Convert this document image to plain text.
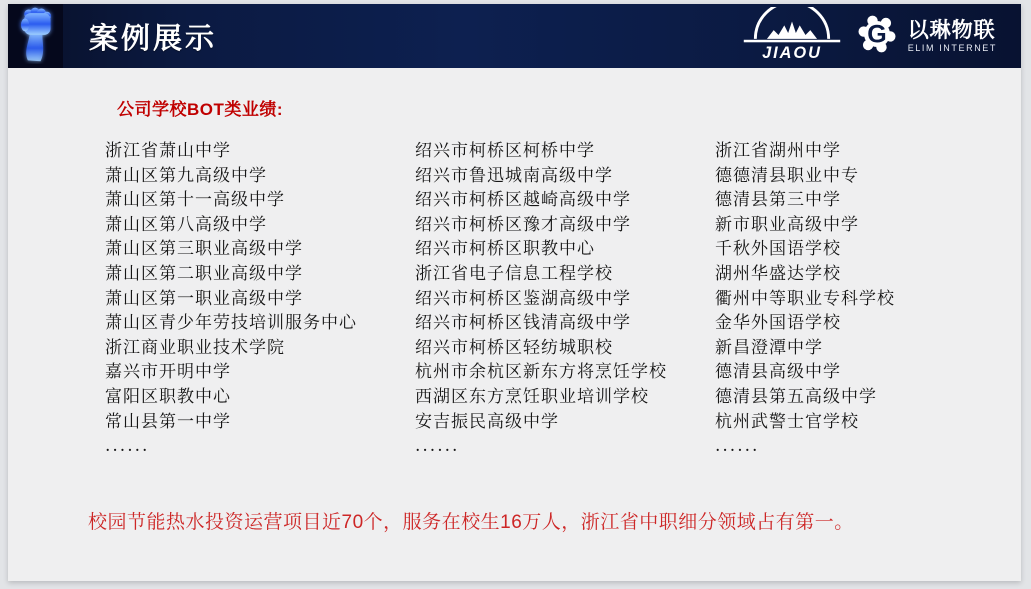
案例展示	JIAOU
G 以琳物联
ELIM INTERNET
公司学校BOT类业绩:
浙江省萧山中学
萧山区第九高级中学
萧山区第十一高级中学
萧山区第八高级中学
萧山区第三职业高级中学
萧山区第二职业高级中学
萧山区第一职业高级中学
萧山区青少年劳技培训服务中心
浙江商业职业技术学院
嘉兴市开明中学
富阳区职教中心
常山县第一中学
......
绍兴市柯桥区柯桥中学
绍兴市鲁迅城南高级中学
绍兴市柯桥区越崎高级中学
绍兴市柯桥区豫才高级中学
绍兴市柯桥区职教中心
浙江省电子信息工程学校
绍兴市柯桥区鉴湖高级中学
绍兴市柯桥区钱清高级中学
绍兴市柯桥区轻纺城职校
杭州市余杭区新东方将烹饪学校
西湖区东方烹饪职业培训学校
安吉振民高级中学
......
浙江省湖州中学
德德清县职业中专
德清县第三中学
新市职业高级中学
千秋外国语学校
湖州华盛达学校
衢州中等职业专科学校
金华外国语学校
新昌澄潭中学
德清县高级中学
德清县第五高级中学
杭州武警士官学校
......
校园节能热水投资运营项目近70个，服务在校生16万人，浙江省中职细分领域占有第一。
